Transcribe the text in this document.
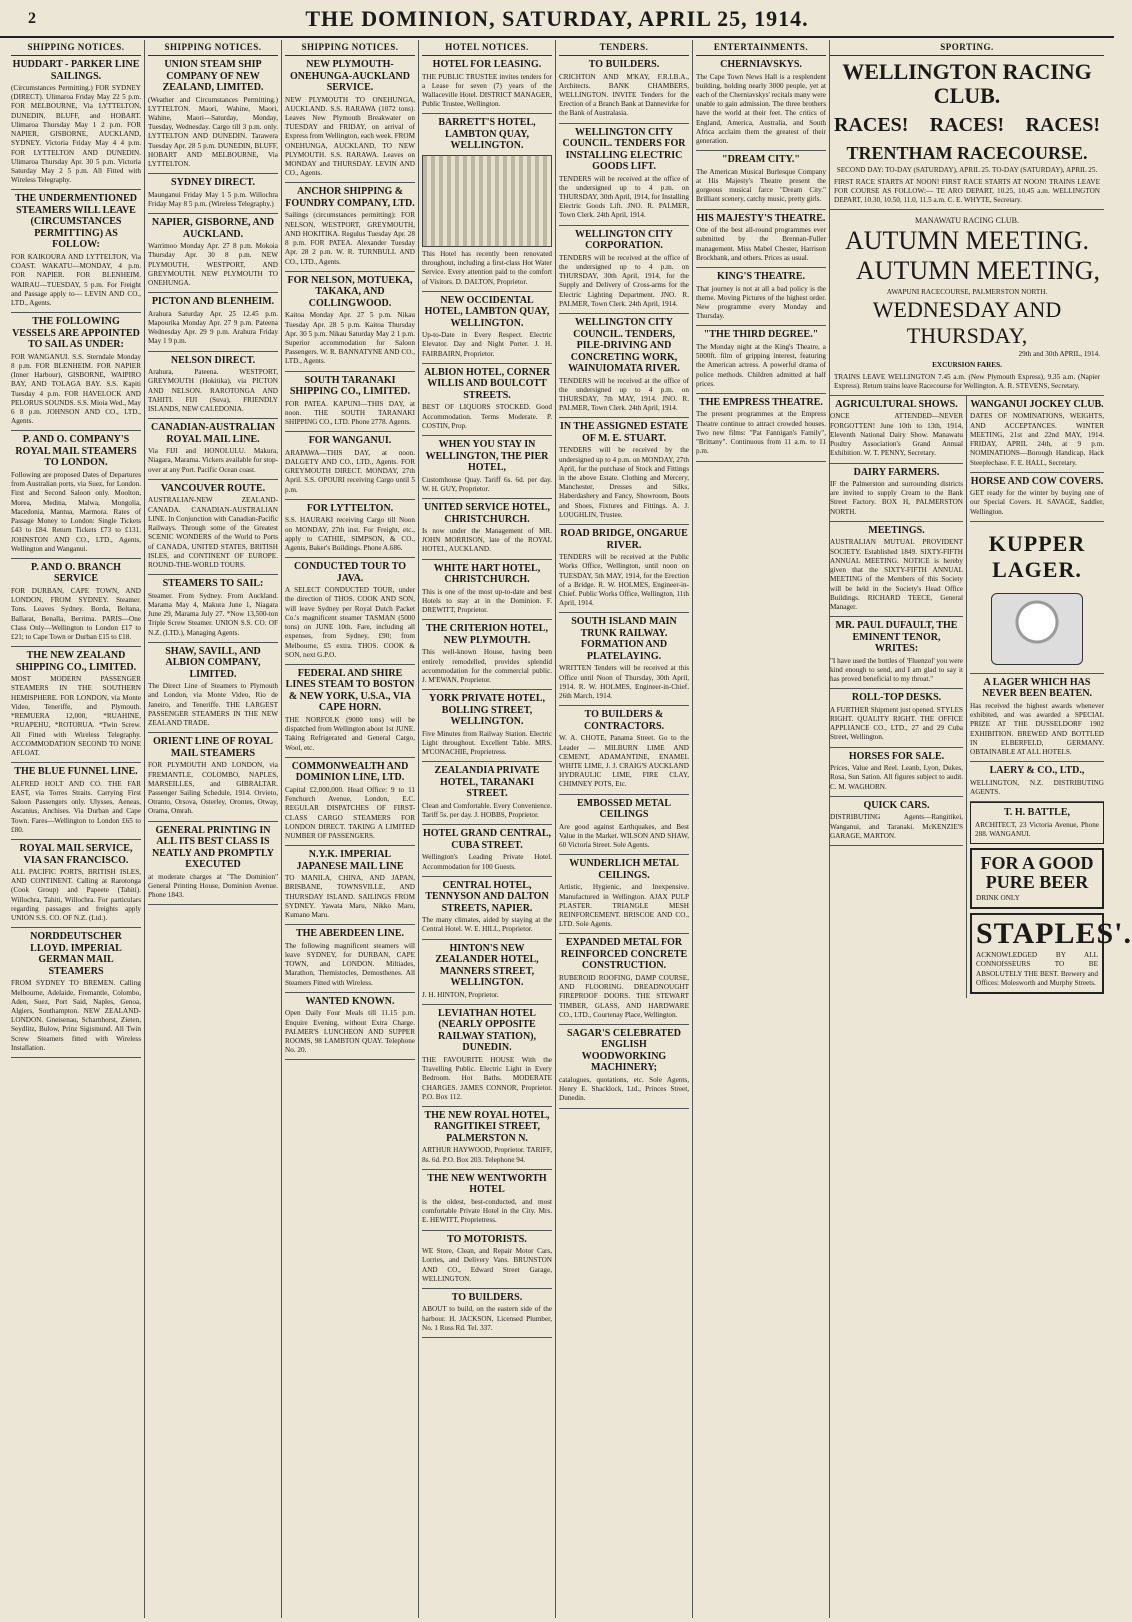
2	THE DOMINION, SATURDAY, APRIL 25, 1914.
SHIPPING NOTICES.
HUDDART - PARKER LINE SAILINGS.
(Circumstances Permitting.) FOR SYDNEY (DIRECT). Ulimaroa Friday May 22 5 p.m. FOR MELBOURNE, Via LYTTELTON, DUNEDIN, BLUFF, and HOBART. Ulimaroa Thursday May 1 2 p.m. FOR NAPIER, GISBORNE, AUCKLAND, SYDNEY. Victoria Friday May 4 4 p.m. FOR LYTTELTON AND DUNEDIN. Ulimaroa Thursday Apr. 30 5 p.m. Victoria Saturday May 2 5 p.m. All Fitted with Wireless Telegraphy.
THE UNDERMENTIONED STEAMERS WILL LEAVE (CIRCUMSTANCES PERMITTING) AS FOLLOW:
FOR KAIKOURA AND LYTTELTON, Via COAST. WAKATU—MONDAY, 4 p.m. FOR NAPIER. FOR BLENHEIM. WAIRAU—TUESDAY, 5 p.m. For Freight and Passage apply to— LEVIN AND CO., LTD., Agents.
THE FOLLOWING VESSELS ARE APPOINTED TO SAIL AS UNDER:
FOR WANGANUI. S.S. Sterndale Monday 8 p.m. FOR BLENHEIM. FOR NAPIER (Inner Harbour), GISBORNE, WAIPIRO BAY, AND TOLAGA BAY. S.S. Kapiti Tuesday 4 p.m. FOR HAVELOCK AND PELORUS SOUNDS. S.S. Mioia Wed., May 6 8 p.m. JOHNSON AND CO., LTD., Agents.
P. AND O. COMPANY'S ROYAL MAIL STEAMERS TO LONDON.
Following are proposed Dates of Departures from Australian ports, via Suez, for London. First and Second Saloon only. Moolton, Morea, Medina, Malwa, Mongolia, Macedonia, Mantua, Marmora. Rates of Passage Money to London: Single Tickets £43 to £84. Return Tickets £73 to £131. JOHNSTON AND CO., LTD., Agents, Wellington and Wanganui.
P. AND O. BRANCH SERVICE
FOR DURBAN, CAPE TOWN, AND LONDON, FROM SYDNEY. Steamer. Tons. Leaves Sydney. Borda, Beltana, Ballarat, Benalla, Berrima. PARIS—One Class Only—Wellington to London £17 to £21; to Cape Town or Durban £15 to £18.
THE NEW ZEALAND SHIPPING CO., LIMITED.
MOST MODERN PASSENGER STEAMERS IN THE SOUTHERN HEMISPHERE. FOR LONDON, via Monte Video, Teneriffe, and Plymouth. *REMUERA 12,000, *RUAHINE, *RUAPEHU, *ROTORUA. *Twin Screw. All Fitted with Wireless Telegraphy. ACCOMMODATION SECOND TO NONE AFLOAT.
THE BLUE FUNNEL LINE.
ALFRED HOLT AND CO. THE FAR EAST, via Torres Straits. Carrying First Saloon Passengers only. Ulysses, Aeneas, Ascanius, Anchises. Via Durban and Cape Town. Fares—Wellington to London £65 to £80.
ROYAL MAIL SERVICE, VIA SAN FRANCISCO.
ALL PACIFIC PORTS, BRITISH ISLES, AND CONTINENT. Calling at Rarotonga (Cook Group) and Papeete (Tahiti). Willochra, Tahiti, Willochra. For particulars regarding passages and freights apply UNION S.S. CO. OF N.Z. (Ltd.).
NORDDEUTSCHER LLOYD. IMPERIAL GERMAN MAIL STEAMERS
FROM SYDNEY TO BREMEN. Calling Melbourne, Adelaide, Fremantle, Colombo, Aden, Suez, Port Said, Naples, Genoa, Algiers, Southampton. NEW ZEALAND-LONDON. Gneisenau, Scharnhorst, Zieten, Seydlitz, Bulow, Prinz Sigismund. All Twin Screw Steamers fitted with Wireless Installation.
SHIPPING NOTICES.
UNION STEAM SHIP COMPANY OF NEW ZEALAND, LIMITED.
(Weather and Circumstances Permitting.) LYTTELTON. Maori, Wahine, Maori, Wahine, Maori—Saturday, Monday, Tuesday, Wednesday. Cargo till 3 p.m. only. LYTTELTON AND DUNEDIN. Tarawera Tuesday Apr. 28 5 p.m. DUNEDIN, BLUFF, HOBART AND MELBOURNE, Via LYTTELTON.
SYDNEY DIRECT.
Maunganui Friday May 1 5 p.m. Willochra Friday May 8 5 p.m. (Wireless Telegraphy.)
NAPIER, GISBORNE, AND AUCKLAND.
Warrimoo Monday Apr. 27 8 p.m. Mokoia Thursday Apr. 30 8 p.m. NEW PLYMOUTH, WESTPORT, AND GREYMOUTH. NEW PLYMOUTH TO ONEHUNGA.
PICTON AND BLENHEIM.
Arahura Saturday Apr. 25 12.45 p.m. Mapourika Monday Apr. 27 9 p.m. Pateena Wednesday Apr. 29 9 p.m. Arahura Friday May 1 9 p.m.
NELSON DIRECT.
Arahura, Pateena. WESTPORT, GREYMOUTH (Hokitika), via PICTON AND NELSON. RAROTONGA AND TAHITI. FIJI (Suva), FRIENDLY ISLANDS, NEW CALEDONIA.
CANADIAN-AUSTRALIAN ROYAL MAIL LINE.
Via FIJI and HONOLULU. Makura, Niagara, Marama. Vickers available for stop-over at any Port. Pacific Ocean coast.
VANCOUVER ROUTE.
AUSTRALIAN-NEW ZEALAND-CANADA. CANADIAN-AUSTRALIAN LINE. In Conjunction with Canadian-Pacific Railways. Through some of the Greatest SCENIC WONDERS of the World to Ports of CANADA, UNITED STATES, BRITISH ISLES, and CONTINENT OF EUROPE. ROUND-THE-WORLD TOURS.
STEAMERS TO SAIL:
Steamer. From Sydney. From Auckland. Marama May 4, Makura June 1, Niagara June 29, Marama July 27. *Now 13,500-ton Triple Screw Steamer. UNION S.S. CO. OF N.Z. (LTD.), Managing Agents.
SHAW, SAVILL, AND ALBION COMPANY, LIMITED.
The Direct Line of Steamers to Plymouth and London, via Monte Video, Rio de Janeiro, and Teneriffe. THE LARGEST PASSENGER STEAMERS IN THE NEW ZEALAND TRADE.
ORIENT LINE OF ROYAL MAIL STEAMERS
FOR PLYMOUTH AND LONDON, via FREMANTLE, COLOMBO, NAPLES, MARSEILLES, and GIBRALTAR. Passenger Sailing Schedule, 1914. Orvieto, Otranto, Orsova, Osterley, Orontes, Otway, Orama, Omrah.
GENERAL PRINTING IN ALL ITS BEST CLASS IS NEATLY AND PROMPTLY EXECUTED
at moderate charges at "The Dominion" General Printing House, Dominion Avenue. Phone 1843.
SHIPPING NOTICES.
NEW PLYMOUTH-ONEHUNGA-AUCKLAND SERVICE.
NEW PLYMOUTH TO ONEHUNGA, AUCKLAND. S.S. RARAWA (1072 tons). Leaves New Plymouth Breakwater on TUESDAY and FRIDAY, on arrival of Express from Wellington, each week. FROM ONEHUNGA, AUCKLAND, TO NEW PLYMOUTH. S.S. RARAWA. Leaves on MONDAY and THURSDAY. LEVIN AND CO., Agents.
ANCHOR SHIPPING & FOUNDRY COMPANY, LTD.
Sailings (circumstances permitting): FOR NELSON, WESTPORT, GREYMOUTH, AND HOKITIKA. Regulus Tuesday Apr. 28 8 p.m. FOR PATEA. Alexander Tuesday Apr. 28 2 p.m. W. R. TURNBULL AND CO., LTD., Agents.
FOR NELSON, MOTUEKA, TAKAKA, AND COLLINGWOOD.
Kaitoa Monday Apr. 27 5 p.m. Nikau Tuesday Apr. 28 5 p.m. Kaitoa Thursday Apr. 30 5 p.m. Nikau Saturday May 2 1 p.m. Superior accommodation for Saloon Passengers. W. R. BANNATYNE AND CO., LTD., Agents.
SOUTH TARANAKI SHIPPING CO., LIMITED.
FOR PATEA. KAPUNI—THIS DAY, at noon. THE SOUTH TARANAKI SHIPPING CO., LTD. Phone 2778. Agents.
FOR WANGANUI.
ARAPAWA—THIS DAY, at noon. DALGETY AND CO., LTD., Agents. FOR GREYMOUTH DIRECT. MONDAY, 27th April. S.S. OPOURI receiving Cargo until 5 p.m.
FOR LYTTELTON.
S.S. HAURAKI receiving Cargo till Noon on MONDAY, 27th inst. For Freight, etc., apply to CATHIE, SIMPSON, & CO., Agents, Baker's Buildings. Phone A.686.
CONDUCTED TOUR TO JAVA.
A SELECT CONDUCTED TOUR, under the direction of THOS. COOK AND SON, will leave Sydney per Royal Dutch Packet Co.'s magnificent steamer TASMAN (5000 tons) on JUNE 10th. Fare, including all expenses, from Sydney, £90; from Melbourne, £5 extra. THOS. COOK & SON, next G.P.O.
FEDERAL AND SHIRE LINES STEAM TO BOSTON & NEW YORK, U.S.A., VIA CAPE HORN.
THE NORFOLK (9000 tons) will be dispatched from Wellington about 1st JUNE. Taking Refrigerated and General Cargo, Wool, etc.
COMMONWEALTH AND DOMINION LINE, LTD.
Capital £2,000,000. Head Office: 9 to 11 Fenchurch Avenue, London, E.C. REGULAR DISPATCHES OF FIRST-CLASS CARGO STEAMERS FOR LONDON DIRECT. TAKING A LIMITED NUMBER OF PASSENGERS.
N.Y.K. IMPERIAL JAPANESE MAIL LINE
TO MANILA, CHINA, AND JAPAN, BRISBANE, TOWNSVILLE, AND THURSDAY ISLAND. SAILINGS FROM SYDNEY. Yawata Maru, Nikko Maru, Kumano Maru.
THE ABERDEEN LINE.
The following magnificent steamers will leave SYDNEY, for DURBAN, CAPE TOWN, and LONDON. Miltiades, Marathon, Themistocles, Demosthenes. All Steamers Fitted with Wireless.
WANTED KNOWN.
Open Daily Four Meals till 11.15 p.m. Enquire Evening, without Extra Charge. PALMER'S LUNCHEON AND SUPPER ROOMS, 98 LAMBTON QUAY. Telephone No. 20.
HOTEL NOTICES.
HOTEL FOR LEASING.
THE PUBLIC TRUSTEE invites tenders for a Lease for seven (7) years of the Wallaceville Hotel. DISTRICT MANAGER, Public Trustee, Wellington.
BARRETT'S HOTEL, LAMBTON QUAY, WELLINGTON.
This Hotel has recently been renovated throughout, including a first-class Hot Water Service. Every attention paid to the comfort of Visitors. D. DALTON, Proprietor.
NEW OCCIDENTAL HOTEL, LAMBTON QUAY, WELLINGTON.
Up-to-Date in Every Respect. Electric Elevator. Day and Night Porter. J. H. FAIRBAIRN, Proprietor.
ALBION HOTEL, CORNER WILLIS AND BOULCOTT STREETS.
BEST OF LIQUORS STOCKED. Good Accommodation. Terms Moderate. P. COSTIN, Prop.
WHEN YOU STAY IN WELLINGTON, THE PIER HOTEL,
Customhouse Quay. Tariff 6s. 6d. per day. W. H. GUY, Proprietor.
UNITED SERVICE HOTEL, CHRISTCHURCH.
Is now under the Management of MR. JOHN MORRISON, late of the ROYAL HOTEL, AUCKLAND.
WHITE HART HOTEL, CHRISTCHURCH.
This is one of the most up-to-date and best Hotels to stay at in the Dominion. F. DREWITT, Proprietor.
THE CRITERION HOTEL, NEW PLYMOUTH.
This well-known House, having been entirely remodelled, provides splendid accommodation for the commercial public. J. M'EWAN, Proprietor.
YORK PRIVATE HOTEL, BOLLING STREET, WELLINGTON.
Five Minutes from Railway Station. Electric Light throughout. Excellent Table. MRS. M'CONACHIE, Proprietress.
ZEALANDIA PRIVATE HOTEL, TARANAKI STREET.
Clean and Comfortable. Every Convenience. Tariff 5s. per day. J. HOBBS, Proprietor.
HOTEL GRAND CENTRAL, CUBA STREET.
Wellington's Leading Private Hotel. Accommodation for 100 Guests.
CENTRAL HOTEL, TENNYSON AND DALTON STREETS, NAPIER.
The many climates, aided by staying at the Central Hotel. W. E. HILL, Proprietor.
HINTON'S NEW ZEALANDER HOTEL, MANNERS STREET, WELLINGTON.
J. H. HINTON, Proprietor.
LEVIATHAN HOTEL (NEARLY OPPOSITE RAILWAY STATION), DUNEDIN.
THE FAVOURITE HOUSE With the Travelling Public. Electric Light in Every Bedroom. Hot Baths. MODERATE CHARGES. JAMES CONNOR, Proprietor. P.O. Box 112.
THE NEW ROYAL HOTEL, RANGITIKEI STREET, PALMERSTON N.
ARTHUR HAYWOOD, Proprietor. TARIFF, 8s. 6d. P.O. Box 203. Telephone 94.
THE NEW WENTWORTH HOTEL
is the oldest, best-conducted, and most comfortable Private Hotel in the City. Mrs. E. HEWITT, Proprietress.
TO MOTORISTS.
WE Store, Clean, and Repair Motor Cars, Lorries, and Delivery Vans. BRUNSTON AND CO., Edward Street Garage, WELLINGTON.
TO BUILDERS.
ABOUT to build, on the eastern side of the harbour. H. JACKSON, Licensed Plumber, No. 1 Ross Rd. Tel. 337.
TENDERS.
TO BUILDERS.
CRICHTON AND M'KAY, F.R.I.B.A., Architects. BANK CHAMBERS, WELLINGTON. INVITE Tenders for the Erection of a Branch Bank at Dannevirke for the Bank of Australasia.
WELLINGTON CITY COUNCIL. TENDERS FOR INSTALLING ELECTRIC GOODS LIFT.
TENDERS will be received at the office of the undersigned up to 4 p.m. on THURSDAY, 30th April, 1914, for Installing Electric Goods Lift. JNO. R. PALMER, Town Clerk. 24th April, 1914.
WELLINGTON CITY CORPORATION.
TENDERS will be received at the office of the undersigned up to 4 p.m. on THURSDAY, 30th April, 1914, for the Supply and Delivery of Cross-arms for the Electric Lighting Department. JNO. R. PALMER, Town Clerk. 24th April, 1914.
WELLINGTON CITY COUNCIL. TENDERS, PILE-DRIVING AND CONCRETING WORK, WAINUIOMATA RIVER.
TENDERS will be received at the office of the undersigned up to 4 p.m. on THURSDAY, 7th MAY, 1914. JNO. R. PALMER, Town Clerk. 24th April, 1914.
IN THE ASSIGNED ESTATE OF M. E. STUART.
TENDERS will be received by the undersigned up to 4 p.m. on MONDAY, 27th April, for the purchase of Stock and Fittings in the above Estate. Clothing and Mercery, Manchester, Dresses and Silks, Haberdashery and Fancy, Showroom, Boots and Shoes, Fixtures and Fittings. A. J. LOUGHLIN, Trustee.
ROAD BRIDGE, ONGARUE RIVER.
TENDERS will be received at the Public Works Office, Wellington, until noon on TUESDAY, 5th MAY, 1914, for the Erection of a Bridge. R. W. HOLMES, Engineer-in-Chief. Public Works Office, Wellington, 11th April, 1914.
SOUTH ISLAND MAIN TRUNK RAILWAY. FORMATION AND PLATELAYING.
WRITTEN Tenders will be received at this Office until Noon of Thursday, 30th April, 1914. R. W. HOLMES, Engineer-in-Chief. 26th March, 1914.
TO BUILDERS & CONTRACTORS.
W. A. CHOTE, Panama Street. Go to the Leader — MILBURN LIME AND CEMENT, ADAMANTINE, ENAMEL WHITE LIME, J. J. CRAIG'S AUCKLAND HYDRAULIC LIME, FIRE CLAY, CHIMNEY POTS, Etc.
EMBOSSED METAL CEILINGS
Are good against Earthquakes, and Best Value in the Market. WILSON AND SHAW, 60 Victoria Street. Sole Agents.
WUNDERLICH METAL CEILINGS.
Artistic, Hygienic, and Inexpensive. Manufactured in Wellington. AJAX PULP PLASTER. TRIANGLE MESH REINFORCEMENT. BRISCOE AND CO., LTD. Sole Agents.
EXPANDED METAL FOR REINFORCED CONCRETE CONSTRUCTION.
RUBEROID ROOFING, DAMP COURSE, AND FLOORING. DREADNOUGHT FIREPROOF DOORS. THE STEWART TIMBER, GLASS, AND HARDWARE CO., LTD., Courtenay Place, Wellington.
SAGAR'S CELEBRATED ENGLISH WOODWORKING MACHINERY;
catalogues, quotations, etc. Sole Agents, Henry E. Shacklock, Ltd., Princes Street, Dunedin.
ENTERTAINMENTS.
CHERNIAVSKYS.
The Cape Town News Hall is a resplendent building, holding nearly 3000 people, yet at each of the Cherniavskys' recitals many were unable to gain admission. The three brothers have the world at their feet. The critics of England, America, Australia, and South Africa acclaim them the greatest of their generation.
"DREAM CITY."
The American Musical Burlesque Company at His Majesty's Theatre present the gorgeous musical farce "Dream City." Brilliant scenery, catchy music, pretty girls.
HIS MAJESTY'S THEATRE.
One of the best all-round programmes ever submitted by the Brennan-Fuller management. Miss Mabel Chester, Harrison Brockbank, and others. Prices as usual.
KING'S THEATRE.
That journey is not at all a bad policy is the theme. Moving Pictures of the highest order. New programme every Monday and Thursday.
"THE THIRD DEGREE."
The Monday night at the King's Theatre, a 5000ft. film of gripping interest, featuring the American actress. A powerful drama of police methods. Children admitted at half prices.
THE EMPRESS THEATRE.
The present programmes at the Empress Theatre continue to attract crowded houses. Two new films: "Pat Fannigan's Family", "Brittany". Continuous from 11 a.m. to 11 p.m.
SPORTING.
WELLINGTON RACING CLUB.
RACES! RACES! RACES!
TRENTHAM RACECOURSE.
SECOND DAY: TO-DAY (SATURDAY), APRIL 25. TO-DAY (SATURDAY), APRIL 25.
FIRST RACE STARTS AT NOON! FIRST RACE STARTS AT NOON! TRAINS LEAVE FOR COURSE AS FOLLOW:— TE ARO DEPART, 10.25, 10.45 a.m. WELLINGTON DEPART, 10.30, 10.50, 11.0, 11.5 a.m. C. E. WHYTE, Secretary.
MANAWATU RACING CLUB.
AUTUMN MEETING.
AUTUMN MEETING,
AWAPUNI RACECOURSE, PALMERSTON NORTH.
WEDNESDAY AND THURSDAY,
29th and 30th APRIL, 1914.
EXCURSION FARES.
TRAINS LEAVE WELLINGTON 7.45 a.m. (New Plymouth Express), 9.35 a.m. (Napier Express). Return trains leave Racecourse for Wellington. A. R. STEVENS, Secretary.
AGRICULTURAL SHOWS.
ONCE ATTENDED—NEVER FORGOTTEN! June 10th to 13th, 1914, Eleventh National Dairy Show. Manawatu Poultry Association's Grand Annual Exhibition. W. T. PENNY, Secretary.
DAIRY FARMERS.
IF the Palmerston and surrounding districts are invited to supply Cream to the Bank Street Factory. BOX H, PALMERSTON NORTH.
MEETINGS.
AUSTRALIAN MUTUAL PROVIDENT SOCIETY. Established 1849. SIXTY-FIFTH ANNUAL MEETING. NOTICE is hereby given that the SIXTY-FIFTH ANNUAL MEETING of the Members of this Society will be held in the Society's Head Office Buildings. RICHARD TEECE, General Manager.
MR. PAUL DUFAULT, THE EMINENT TENOR, WRITES:
"I have used the bottles of 'Fluenzol' you were kind enough to send, and I am glad to say it has proved beneficial to my throat."
ROLL-TOP DESKS.
A FURTHER Shipment just opened. STYLES RIGHT. QUALITY RIGHT. THE OFFICE APPLIANCE CO., LTD., 27 and 29 Cuba Street, Wellington.
HORSES FOR SALE.
Prices, Value and Reel. Leanb, Lyon, Dukes, Rosa, Sun Sation. All figures subject to audit. C. M. WAGHORN.
QUICK CARS.
DISTRIBUTING Agents—Rangitikei, Wanganui, and Taranaki. McKENZIE'S GARAGE, MARTON.
WANGANUI JOCKEY CLUB.
DATES OF NOMINATIONS, WEIGHTS, AND ACCEPTANCES. WINTER MEETING, 21st and 22nd MAY, 1914. FRIDAY, APRIL 24th, at 9 p.m. NOMINATIONS—Borough Handicap, Hack Steeplechase. F. E. HALL, Secretary.
HORSE AND COW COVERS.
GET ready for the winter by buying one of our Special Covers. H. SAVAGE, Saddler, Wellington.
KUPPER LAGER.
A LAGER WHICH HAS NEVER BEEN BEATEN.
Has received the highest awards whenever exhibited, and was awarded a SPECIAL PRIZE AT THE DUSSELDORF 1902 EXHIBITION. BREWED AND BOTTLED IN ELBERFELD, GERMANY. OBTAINABLE AT ALL HOTELS.
LAERY & CO., LTD.,
WELLINGTON, N.Z. DISTRIBUTING AGENTS.
T. H. BATTLE,
ARCHITECT, 23 Victoria Avenue, Phone 288. WANGANUI.
FOR A GOOD PURE BEER
DRINK ONLY
STAPLES'.
ACKNOWLEDGED BY ALL CONNOISSEURS TO BE ABSOLUTELY THE BEST. Brewery and Offices: Molesworth and Murphy Streets.
